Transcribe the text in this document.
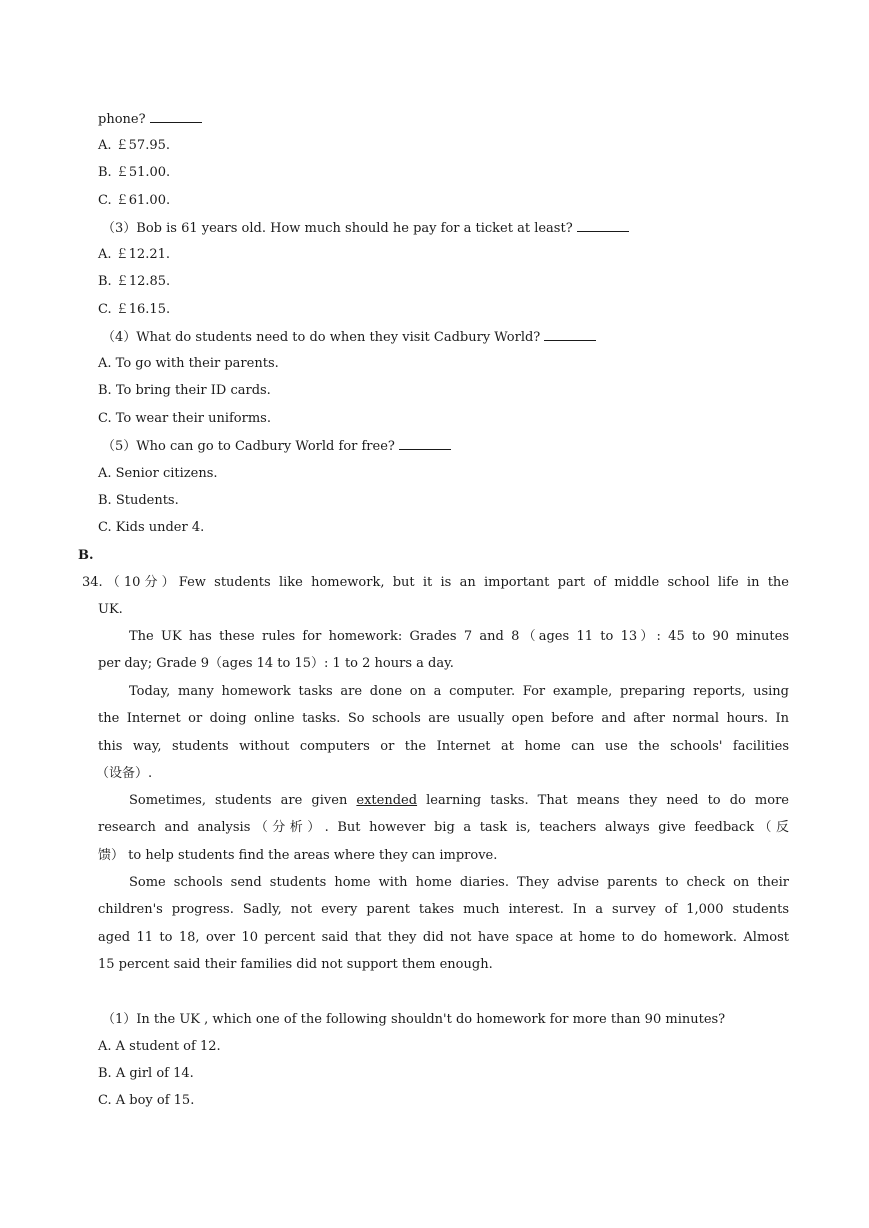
phone?

A. ￡57.95.

B. ￡51.00.

C. ￡61.00.

（3）Bob is 61 years old. How much should he pay for a ticket at least?

A. ￡12.21.

B. ￡12.85.

C. ￡16.15.

（4）What do students need to do when they visit Cadbury World?

A. To go with their parents.

B. To bring their ID cards.

C. To wear their uniforms.

（5）Who can go to Cadbury World for free?

A. Senior citizens.

B. Students.

C. Kids under 4.

B.

34.（10分）Few students like homework, but it is an important part of middle school life in the

UK.

The UK has these rules for homework: Grades 7 and 8（ages 11 to 13）: 45 to 90 minutes

per day; Grade 9（ages 14 to 15）: 1 to 2 hours a day.

Today, many homework tasks are done on a computer. For example, preparing reports, using

the Internet or doing online tasks. So schools are usually open before and after normal hours. In

this way, students without computers or the Internet at home can use the schools' facilities

（设备）.

Sometimes, students are given extended learning tasks. That means they need to do more

research and analysis（分析）. But however big a task is, teachers always give feedback（反

馈） to help students find the areas where they can improve.

Some schools send students home with home diaries. They advise parents to check on their

children's progress. Sadly, not every parent takes much interest. In a survey of 1,000 students

aged 11 to 18, over 10 percent said that they did not have space at home to do homework. Almost

15 percent said their families did not support them enough.

（1）In the UK , which one of the following shouldn't do homework for more than 90 minutes?

A. A student of 12.

B. A girl of 14.

C. A boy of 15.
